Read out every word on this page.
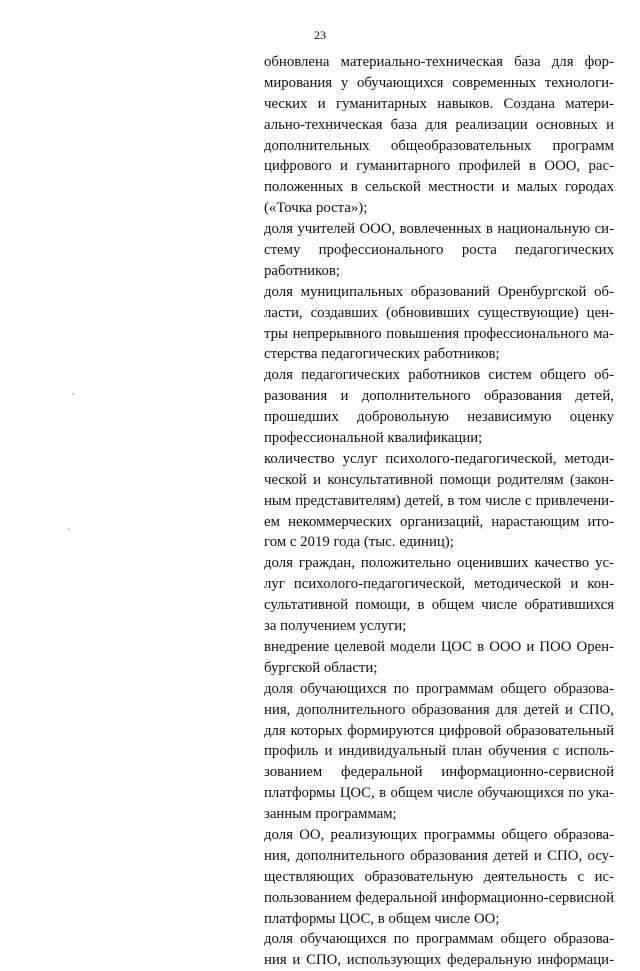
23
обновлена материально-техническая база для фор-
мирования у обучающихся современных технологи-
ческих и гуманитарных навыков. Создана матери-
ально-техническая база для реализации основных и
дополнительных общеобразовательных программ
цифрового и гуманитарного профилей в ООО, рас-
положенных в сельской местности и малых городах
(«Точка роста»);
доля учителей ООО, вовлеченных в национальную си-
стему профессионального роста педагогических
работников;
доля муниципальных образований Оренбургской об-
ласти, создавших (обновивших существующие) цен-
тры непрерывного повышения профессионального ма-
стерства педагогических работников;
доля педагогических работников систем общего об-
разования и дополнительного образования детей,
прошедших добровольную независимую оценку
профессиональной квалификации;
количество услуг психолого-педагогической, методи-
ческой и консультативной помощи родителям (закон-
ным представителям) детей, в том числе с привлечени-
ем некоммерческих организаций, нарастающим ито-
гом с 2019 года (тыс. единиц);
доля граждан, положительно оценивших качество ус-
луг психолого-педагогической, методической и кон-
сультативной помощи, в общем числе обратившихся
за получением услуги;
внедрение целевой модели ЦОС в ООО и ПОО Орен-
бургской области;
доля обучающихся по программам общего образова-
ния, дополнительного образования для детей и СПО,
для которых формируются цифровой образовательный
профиль и индивидуальный план обучения с исполь-
зованием федеральной информационно-сервисной
платформы ЦОС, в общем числе обучающихся по ука-
занным программам;
доля ОО, реализующих программы общего образова-
ния, дополнительного образования детей и СПО, осу-
ществляющих образовательную деятельность с ис-
пользованием федеральной информационно-сервисной
платформы ЦОС, в общем числе ОО;
доля обучающихся по программам общего образова-
ния и СПО, использующих федеральную информаци-
